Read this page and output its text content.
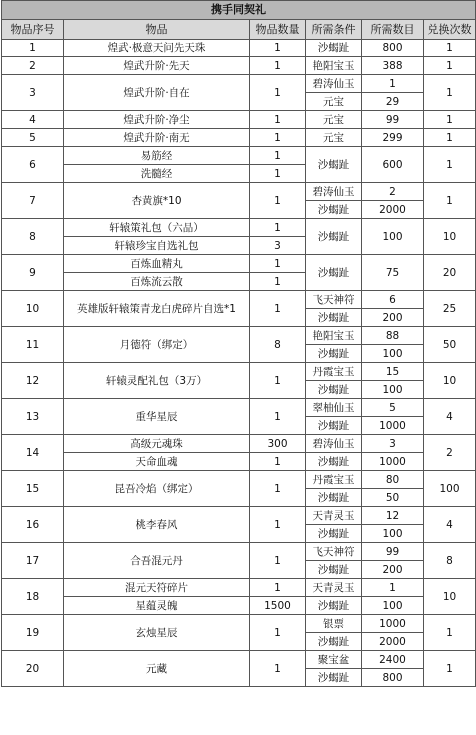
携手同契礼					
物品序号	物品	物品数量	所需条件	所需数目	兑换次数
1	煌武·极意天问先天珠	1	沙蝎趾	800	1
2	煌武升阶·先天	1	艳阳宝玉	388	1
3	煌武升阶·自在	1	碧涛仙玉	1	1
			元宝	29	
4	煌武升阶·净尘	1	元宝	99	1
5	煌武升阶·南无	1	元宝	299	1
6	易筋经	1	沙蝎趾	600	1
	洗髓经	1			
7	杏黄旗*10	1	碧涛仙玉	2	1
			沙蝎趾	2000	
8	轩辕策礼包（六品）	1	沙蝎趾	100	10
	轩辕珍宝自选礼包	3			
9	百炼血精丸	1	沙蝎趾	75	20
	百炼流云散	1			
10	英雄版轩辕策青龙白虎碎片自选*1	1	飞天神符	6	25
			沙蝎趾	200	
11	月德符（绑定）	8	艳阳宝玉	88	50
			沙蝎趾	100	
12	轩辕灵配礼包（3万）	1	丹霞宝玉	15	10
			沙蝎趾	100	
13	重华星辰	1	翠柚仙玉	5	4
			沙蝎趾	1000	
14	高级元魂珠	300	碧涛仙玉	3	2
	天命血魂	1	沙蝎趾	1000	
15	昆吾冷焰（绑定）	1	丹霞宝玉	80	100
			沙蝎趾	50	
16	桃李春风	1	天青灵玉	12	4
			沙蝎趾	100	
17	合吾混元丹	1	飞天神符	99	8
			沙蝎趾	200	
18	混元天符碎片	1	天青灵玉	1	10
	星蕴灵魄	1500	沙蝎趾	100	
19	玄烛星辰	1	银票	1000	1
			沙蝎趾	2000	
20	元藏	1	聚宝盆	2400	1
			沙蝎趾	800	
